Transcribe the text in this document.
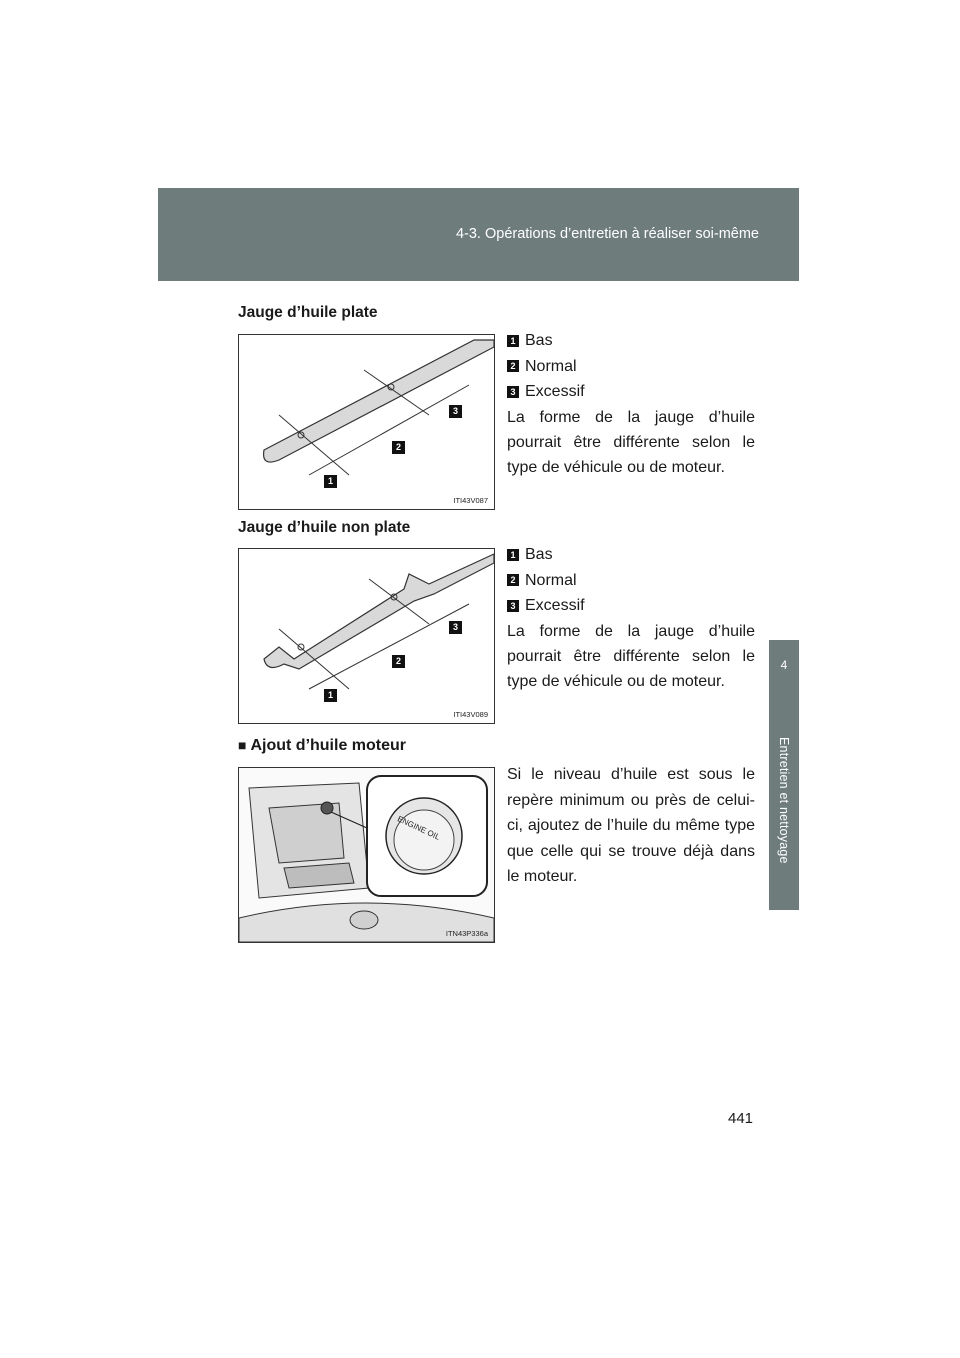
4-3. Opérations d’entretien à réaliser soi-même
4
Entretien et nettoyage
Jauge d’huile plate
1
2
3
ITI43V087
1 Bas
2 Normal
3 Excessif
La forme de la jauge d’huile pourrait être différente selon le type de véhicule ou de moteur.
Jauge d’huile non plate
1
2
3
ITI43V089
1 Bas
2 Normal
3 Excessif
La forme de la jauge d’huile pourrait être différente selon le type de véhicule ou de moteur.
■ Ajout d’huile moteur
ENGINE OIL
ITN43P336a
Si le niveau d’huile est sous le repère minimum ou près de celui-ci, ajoutez de l’huile du même type que celle qui se trouve déjà dans le moteur.
441
